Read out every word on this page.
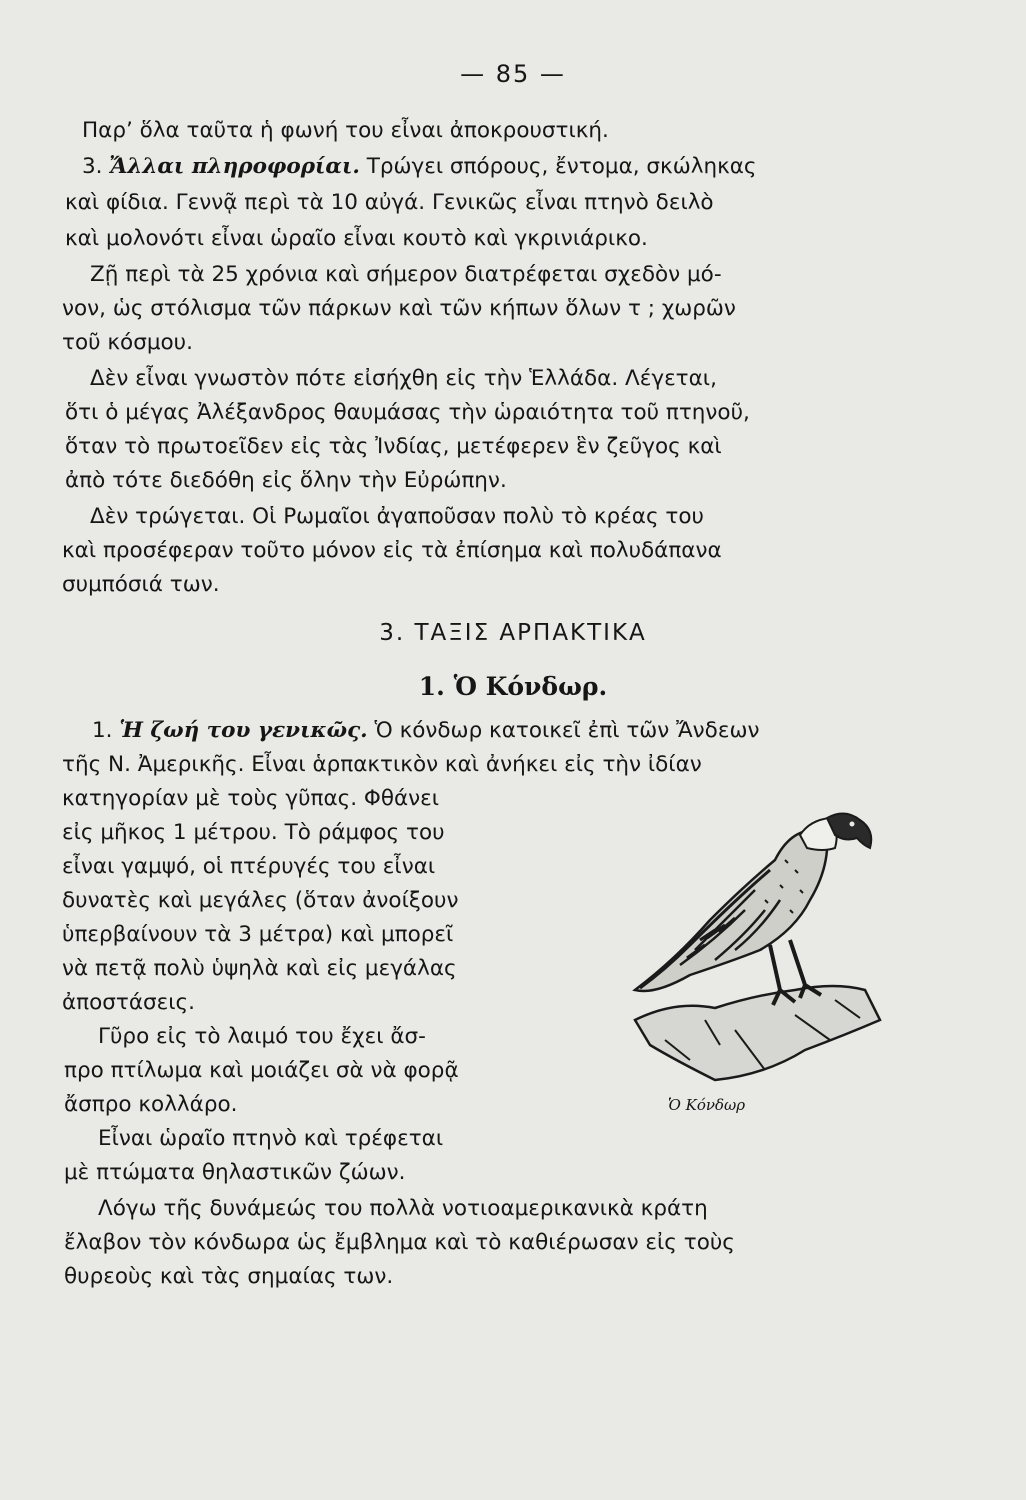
— 85 —
Παρ’ ὅλα ταῦτα ἡ φωνή του εἶναι ἀποκρουστική.
3. Ἄλλαι πληροφορίαι. Τρώγει σπόρους, ἔντομα, σκώληκας
καὶ φίδια. Γεννᾷ περὶ τὰ 10 αὐγά. Γενικῶς εἶναι πτηνὸ δειλὸ
καὶ μολονότι εἶναι ὡραῖο εἶναι κουτὸ καὶ γκρινιάρικο.
Ζῇ περὶ τὰ 25 χρόνια καὶ σήμερον διατρέφεται σχεδὸν μό-
νον, ὡς στόλισμα τῶν πάρκων καὶ τῶν κήπων ὅλων τ ; χωρῶν
τοῦ κόσμου.
Δὲν εἶναι γνωστὸν πότε εἰσήχθη εἰς τὴν Ἑλλάδα. Λέγεται,
ὅτι ὁ μέγας Ἀλέξανδρος θαυμάσας τὴν ὡραιότητα τοῦ πτηνοῦ,
ὅταν τὸ πρωτοεῖδεν εἰς τὰς Ἰνδίας, μετέφερεν ἓν ζεῦγος καὶ
ἀπὸ τότε διεδόθη εἰς ὅλην τὴν Εὐρώπην.
Δὲν τρώγεται. Οἱ Ρωμαῖοι ἀγαποῦσαν πολὺ τὸ κρέας του
καὶ προσέφεραν τοῦτο μόνον εἰς τὰ ἐπίσημα καὶ πολυδάπανα
συμπόσιά των.
3. ΤΑΞΙΣ ΑΡΠΑΚΤΙΚΑ
1. Ὁ Κόνδωρ.
1. Ἡ ζωή του γενικῶς. Ὁ κόνδωρ κατοικεῖ ἐπὶ τῶν Ἄνδεων
τῆς Ν. Ἀμερικῆς. Εἶναι ἁρπακτικὸν καὶ ἀνήκει εἰς τὴν ἰδίαν
κατηγορίαν μὲ τοὺς γῦπας. Φθάνει
εἰς μῆκος 1 μέτρου. Τὸ ράμφος του
εἶναι γαμψό, οἱ πτέρυγές του εἶναι
δυνατὲς καὶ μεγάλες (ὅταν ἀνοίξουν
ὑπερβαίνουν τὰ 3 μέτρα) καὶ μπορεῖ
νὰ πετᾷ πολὺ ὑψηλὰ καὶ εἰς μεγάλας
ἀποστάσεις.
Γῦρο εἰς τὸ λαιμό του ἔχει ἄσ-
προ πτίλωμα καὶ μοιάζει σὰ νὰ φορᾷ
ἄσπρο κολλάρο.
Εἶναι ὡραῖο πτηνὸ καὶ τρέφεται
μὲ πτώματα θηλαστικῶν ζώων.
Λόγω τῆς δυνάμεώς του πολλὰ νοτιοαμερικανικὰ κράτη
ἔλαβον τὸν κόνδωρα ὡς ἔμβλημα καὶ τὸ καθιέρωσαν εἰς τοὺς
θυρεοὺς καὶ τὰς σημαίας των.
Ὁ Κόνδωρ
